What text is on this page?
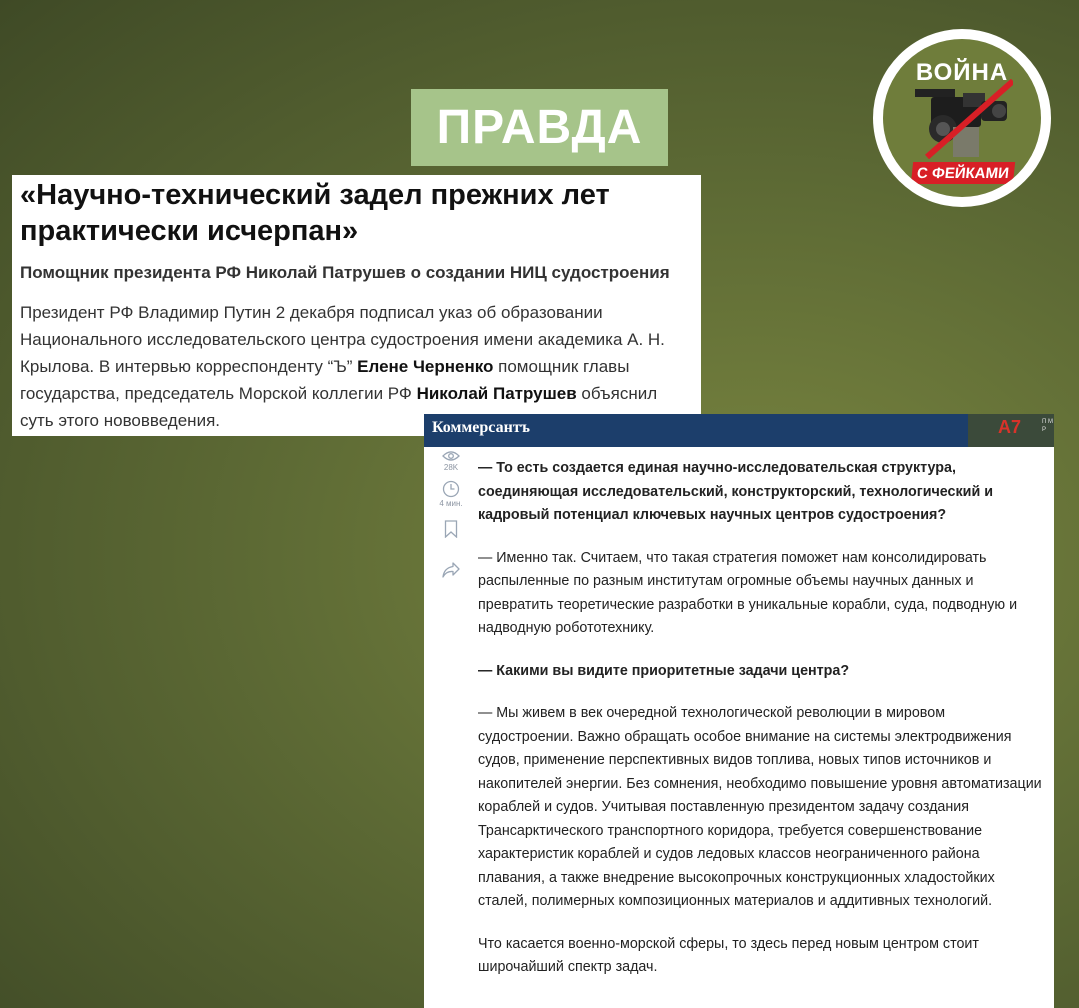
ПРАВДА
ВОЙНА
С ФЕЙКАМИ
«Научно-технический задел прежних лет практически исчерпан»
Помощник президента РФ Николай Патрушев о создании НИЦ судостроения
Президент РФ Владимир Путин 2 декабря подписал указ об образовании Национального исследовательского центра судостроения имени академика А. Н. Крылова. В интервью корреспонденту “Ъ” Елене Черненко помощник главы государства, председатель Морской коллегии РФ Николай Патрушев объяснил суть этого нововведения.	Коммерсантъ	А7	П М Р
28K
4 мин.

— То есть создается единая научно-исследовательская структура, соединяющая исследовательский, конструкторский, технологический и кадровый потенциал ключевых научных центров судостроения?

— Именно так. Считаем, что такая стратегия поможет нам консолидировать распыленные по разным институтам огромные объемы научных данных и превратить теоретические разработки в уникальные корабли, суда, подводную и надводную робототехнику.

— Какими вы видите приоритетные задачи центра?

— Мы живем в век очередной технологической революции в мировом судостроении. Важно обращать особое внимание на системы электродвижения судов, применение перспективных видов топлива, новых типов источников и накопителей энергии. Без сомнения, необходимо повышение уровня автоматизации кораблей и судов. Учитывая поставленную президентом задачу создания Трансарктического транспортного коридора, требуется совершенствование характеристик кораблей и судов ледовых классов неограниченного района плавания, а также внедрение высокопрочных конструкционных хладостойких сталей, полимерных композиционных материалов и аддитивных технологий.

Что касается военно-морской сферы, то здесь перед новым центром стоит широчайший спектр задач.
